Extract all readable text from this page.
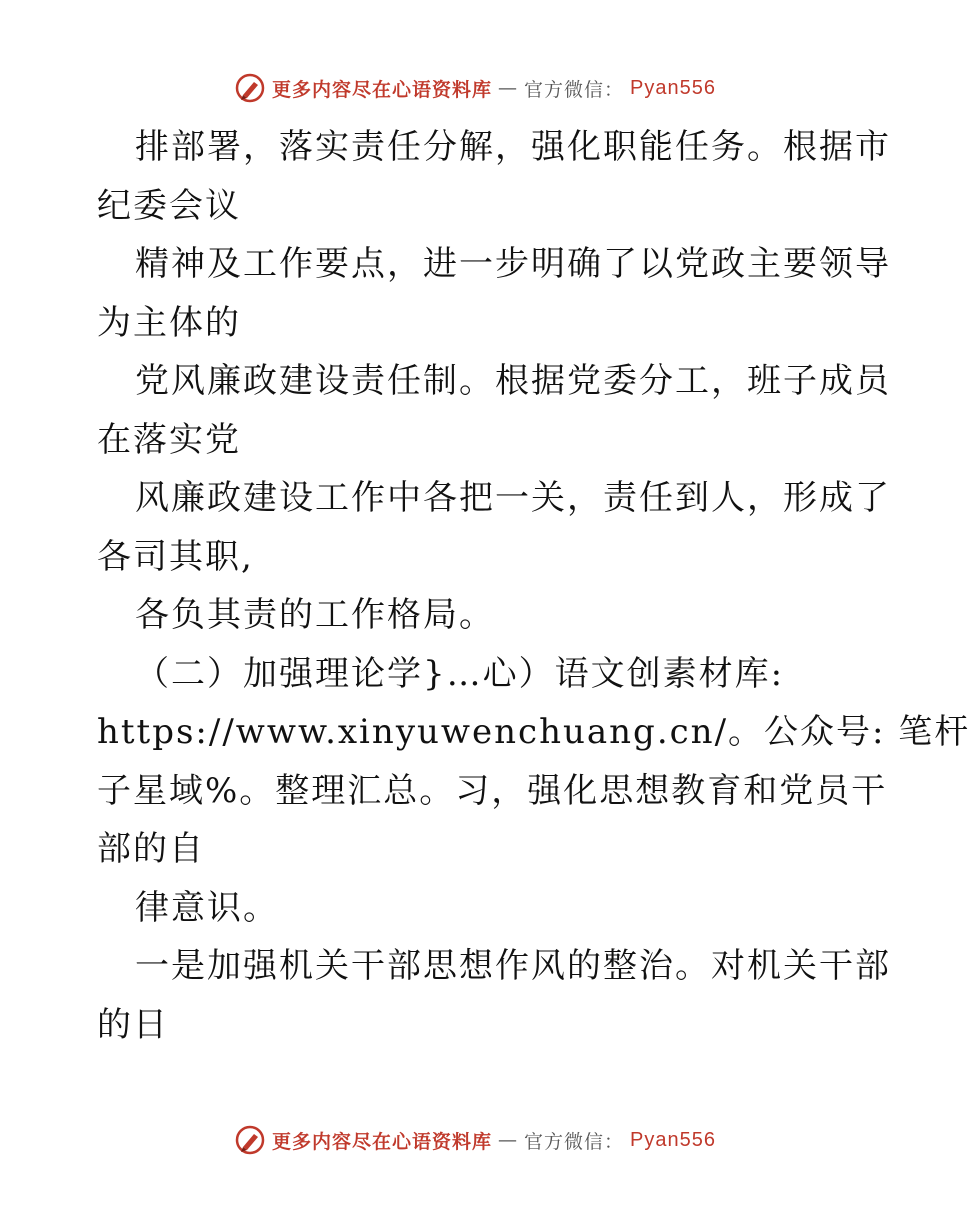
更多内容尽在心语资料库 — 官方微信： Pyan556
排部署，落实责任分解，强化职能任务。根据市
纪委会议
精神及工作要点，进一步明确了以党政主要领导
为主体的
党风廉政建设责任制。根据党委分工，班子成员
在落实党
风廉政建设工作中各把一关，责任到人，形成了
各司其职,
各负其责的工作格局。
（二）加强理论学}…心）语文创素材库:
https://www.xinyuwenchuang.cn/。公众号: 笔杆
子星域%。整理汇总。习，强化思想教育和党员干
部的自
律意识。
一是加强机关干部思想作风的整治。对机关干部
的日
更多内容尽在心语资料库 — 官方微信： Pyan556
